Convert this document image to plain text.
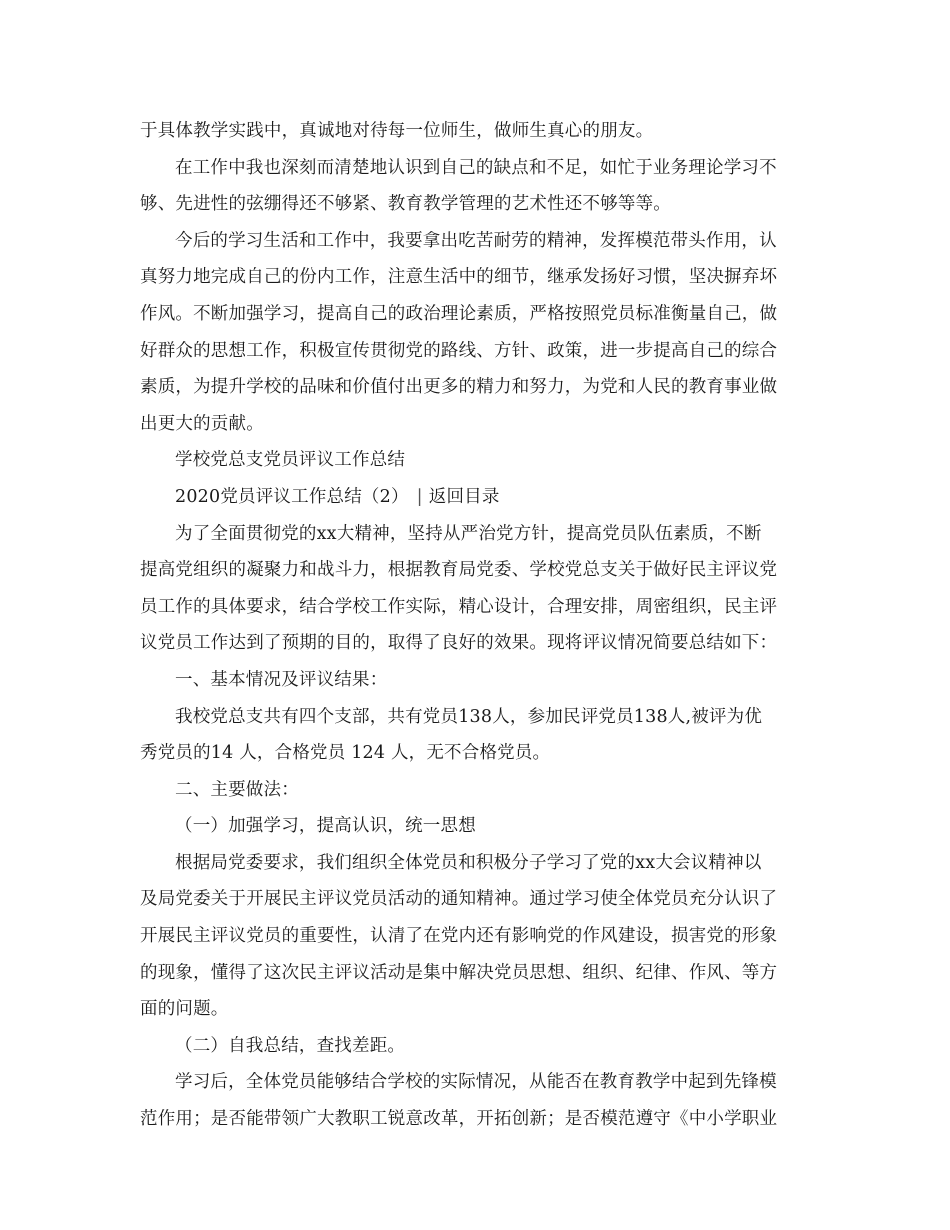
于具体教学实践中，真诚地对待每一位师生，做师生真心的朋友。
在工作中我也深刻而清楚地认识到自己的缺点和不足，如忙于业务理论学习不
够、先进性的弦绷得还不够紧、教育教学管理的艺术性还不够等等。
今后的学习生活和工作中，我要拿出吃苦耐劳的精神，发挥模范带头作用，认
真努力地完成自己的份内工作，注意生活中的细节，继承发扬好习惯，坚决摒弃坏
作风。不断加强学习，提高自己的政治理论素质，严格按照党员标准衡量自己，做
好群众的思想工作，积极宣传贯彻党的路线、方针、政策，进一步提高自己的综合
素质，为提升学校的品味和价值付出更多的精力和努力，为党和人民的教育事业做
出更大的贡献。
学校党总支党员评议工作总结
2020党员评议工作总结（2） | 返回目录
为了全面贯彻党的xx大精神，坚持从严治党方针，提高党员队伍素质，不断
提高党组织的凝聚力和战斗力，根据教育局党委、学校党总支关于做好民主评议党
员工作的具体要求，结合学校工作实际，精心设计，合理安排，周密组织，民主评
议党员工作达到了预期的目的，取得了良好的效果。现将评议情况简要总结如下：
一、基本情况及评议结果：
我校党总支共有四个支部，共有党员138人，参加民评党员138人,被评为优
秀党员的14 人，合格党员 124 人，无不合格党员。
二、主要做法：
（一）加强学习，提高认识，统一思想
根据局党委要求，我们组织全体党员和积极分子学习了党的xx大会议精神以
及局党委关于开展民主评议党员活动的通知精神。通过学习使全体党员充分认识了
开展民主评议党员的重要性，认清了在党内还有影响党的作风建设，损害党的形象
的现象，懂得了这次民主评议活动是集中解决党员思想、组织、纪律、作风、等方
面的问题。
（二）自我总结，查找差距。
学习后，全体党员能够结合学校的实际情况，从能否在教育教学中起到先锋模
范作用；是否能带领广大教职工锐意改革，开拓创新；是否模范遵守《中小学职业
